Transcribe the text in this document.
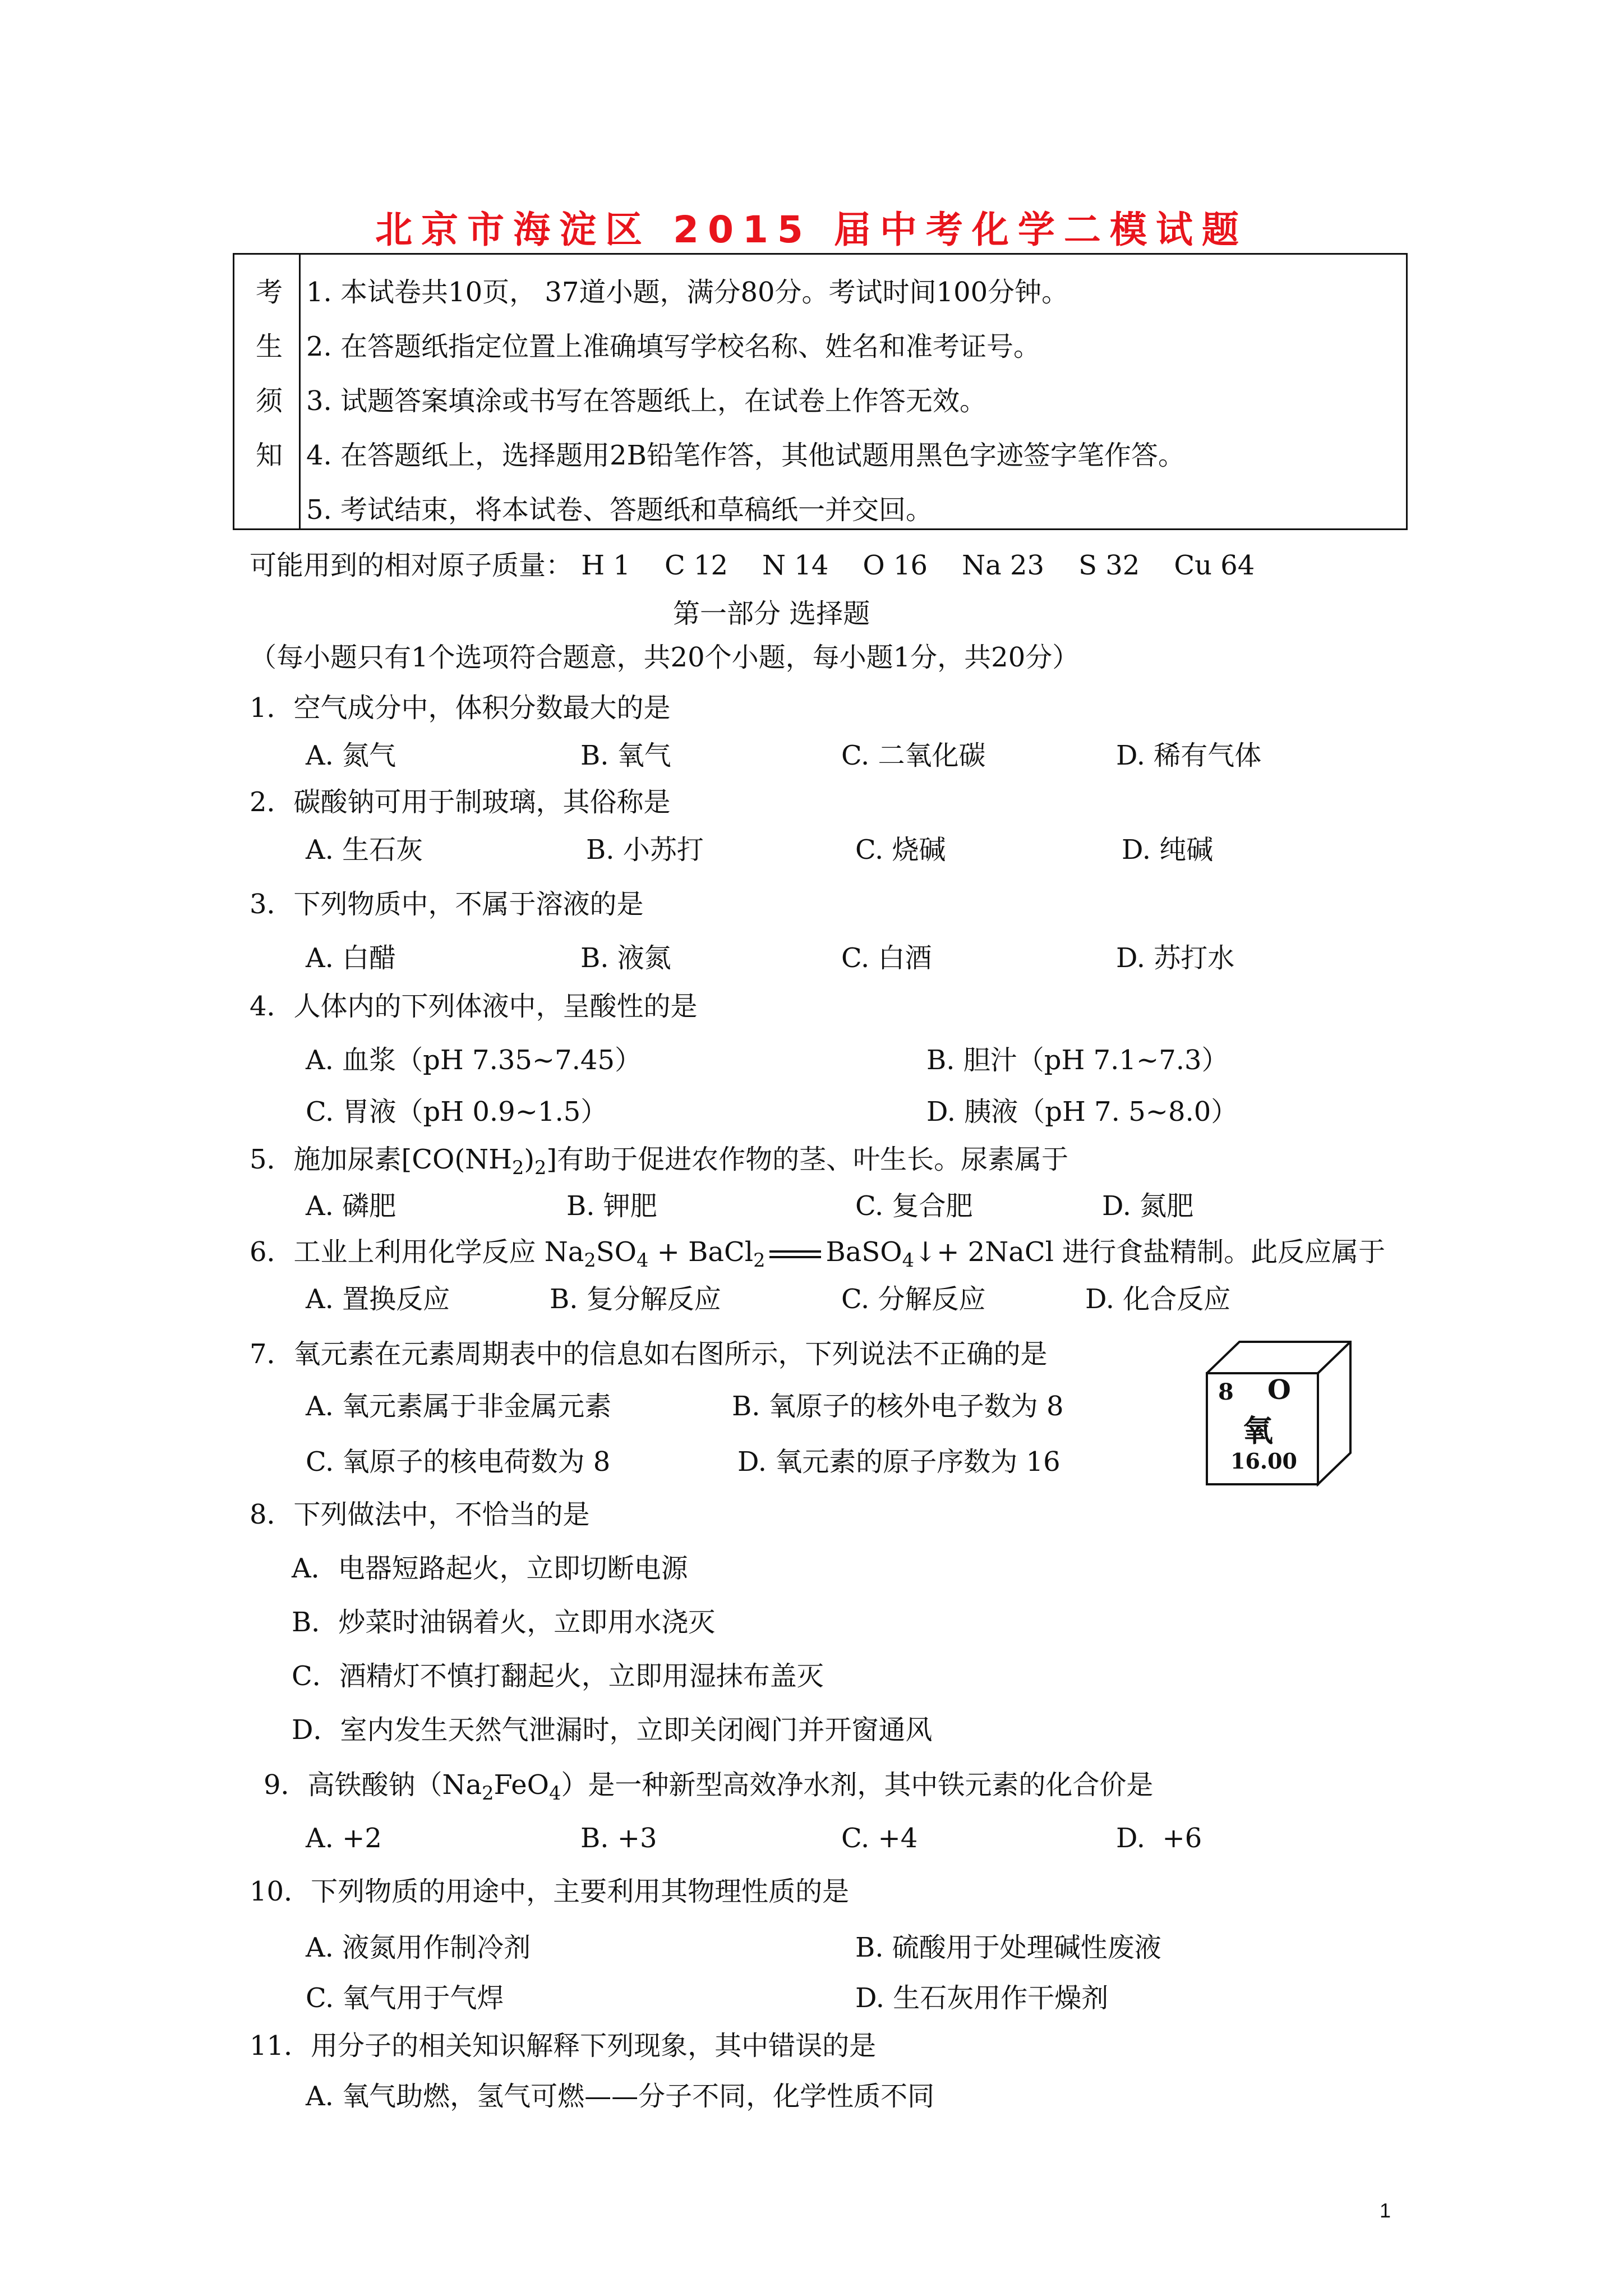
北京市海淀区 2015 届中考化学二模试题
考
生
须
知
1. 本试卷共10页， 37道小题，满分80分。考试时间100分钟。
2. 在答题纸指定位置上准确填写学校名称、姓名和准考证号。
3. 试题答案填涂或书写在答题纸上，在试卷上作答无效。
4. 在答题纸上，选择题用2B铅笔作答，其他试题用黑色字迹签字笔作答。
5. 考试结束，将本试卷、答题纸和草稿纸一并交回。
可能用到的相对原子质量： H 1    C 12    N 14    O 16    Na 23    S 32    Cu 64
第一部分 选择题
（每小题只有1个选项符合题意，共20个小题，每小题1分，共20分）
1．空气成分中，体积分数最大的是
A. 氮气	B. 氧气	C. 二氧化碳	D. 稀有气体
2．碳酸钠可用于制玻璃，其俗称是
A. 生石灰	B. 小苏打	C. 烧碱	D. 纯碱
3．下列物质中，不属于溶液的是
A. 白醋	B. 液氮	C. 白酒	D. 苏打水
4．人体内的下列体液中，呈酸性的是
A. 血浆（pH 7.35~7.45）	B. 胆汁（pH 7.1~7.3）
C. 胃液（pH 0.9~1.5）	D. 胰液（pH 7. 5~8.0）
5．施加尿素$[CO(NH_2)_2]$有助于促进农作物的茎、叶生长。尿素属于
A. 磷肥	B. 钾肥	C. 复合肥	D. 氮肥
6．工业上利用化学反应 $Na_2SO_4$ + BaCl$_2$ BaSO$_4$↓+ 2NaCl 进行食盐精制。此反应属于
A. 置换反应	B. 复分解反应	C. 分解反应	D. 化合反应
7．氧元素在元素周期表中的信息如右图所示，下列说法不正确的是
A. 氧元素属于非金属元素	B. 氧原子的核外电子数为 8
C. 氧原子的核电荷数为 8	D. 氧元素的原子序数为 16
8 O
氧
16.00
8．下列做法中，不恰当的是
A．电器短路起火，立即切断电源
B．炒菜时油锅着火，立即用水浇灭
C．酒精灯不慎打翻起火，立即用湿抹布盖灭
D．室内发生天然气泄漏时，立即关闭阀门并开窗通风
9．高铁酸钠$(Na_2FeO_4)$是一种新型高效净水剂，其中铁元素的化合价是
A. +2	B. +3	C. +4	D.  +6
10．下列物质的用途中，主要利用其物理性质的是
A. 液氮用作制冷剂	B. 硫酸用于处理碱性废液
C. 氧气用于气焊	D. 生石灰用作干燥剂
11．用分子的相关知识解释下列现象，其中错误的是
A. 氧气助燃，氢气可燃——分子不同，化学性质不同
1
